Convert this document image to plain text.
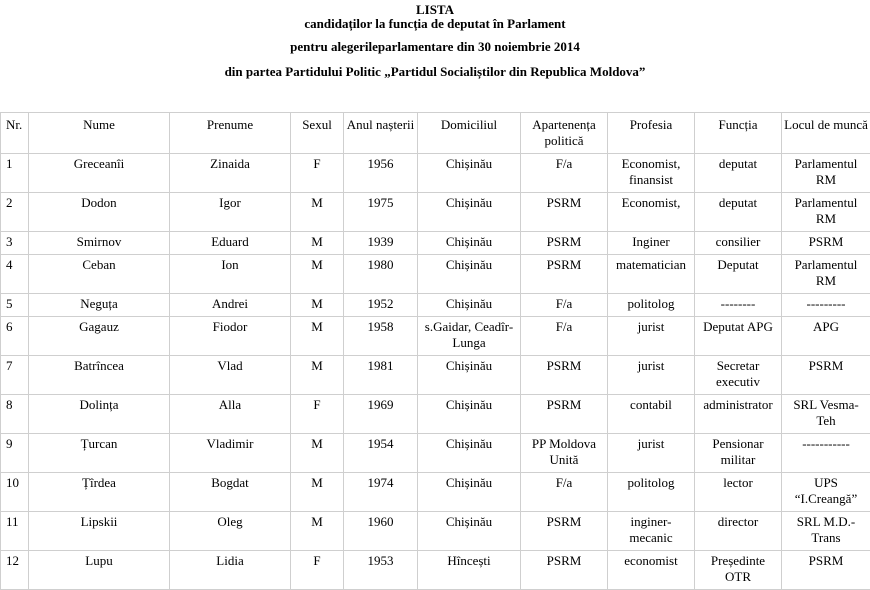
LISTA
candidaților la funcția de deputat în Parlament
pentru alegerileparlamentare din 30 noiembrie 2014
din partea Partidului Politic „Partidul Socialiștilor din Republica Moldova”
Nr.	Nume	Prenume	Sexul	Anul nașterii	Domiciliul	Apartenența politică	Profesia	Funcția	Locul de muncă
1	Greceanîi	Zinaida	F	1956	Chișinău	F/a	Economist, finansist	deputat	Parlamentul RM
2	Dodon	Igor	M	1975	Chișinău	PSRM	Economist,	deputat	Parlamentul RM
3	Smirnov	Eduard	M	1939	Chișinău	PSRM	Inginer	consilier	PSRM
4	Ceban	Ion	M	1980	Chișinău	PSRM	matematician	Deputat	Parlamentul RM
5	Neguța	Andrei	M	1952	Chișinău	F/a	politolog	--------	---------
6	Gagauz	Fiodor	M	1958	s.Gaidar, Ceadîr-Lunga	F/a	jurist	Deputat APG	APG
7	Batrîncea	Vlad	M	1981	Chișinău	PSRM	jurist	Secretar executiv	PSRM
8	Dolința	Alla	F	1969	Chișinău	PSRM	contabil	administrator	SRL Vesma-Teh
9	Țurcan	Vladimir	M	1954	Chișinău	PP Moldova Unită	jurist	Pensionar militar	-----------
10	Țîrdea	Bogdat	M	1974	Chișinău	F/a	politolog	lector	UPS “I.Creangă”
11	Lipskii	Oleg	M	1960	Chișinău	PSRM	inginer-mecanic	director	SRL M.D.-Trans
12	Lupu	Lidia	F	1953	Hîncești	PSRM	economist	Președinte OTR	PSRM
